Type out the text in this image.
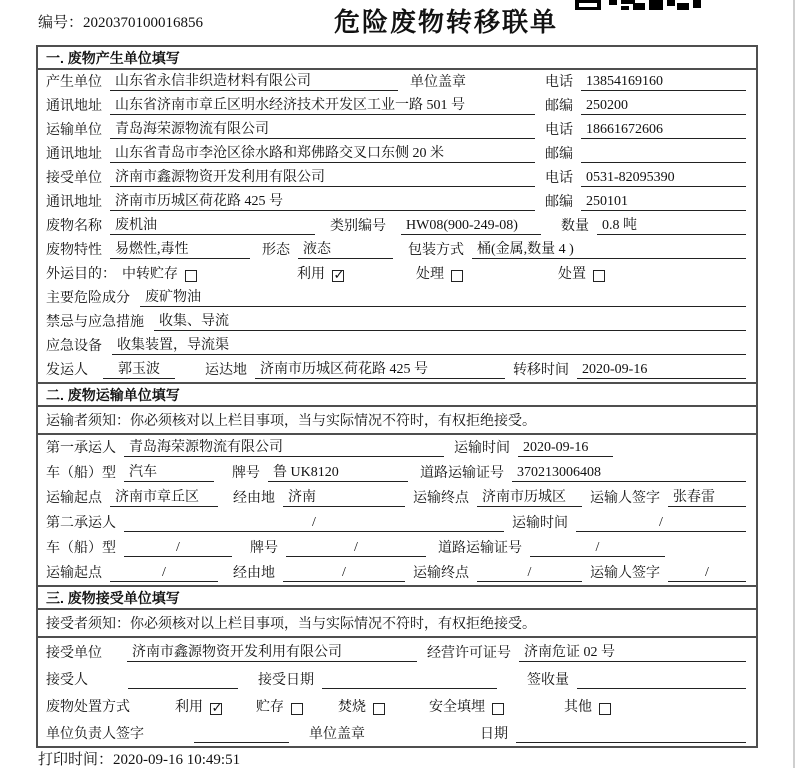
编号：2020370100016856	危险废物转移联单
一. 废物产生单位填写
产生单位 山东省永信非织造材料有限公司	单位盖章	电话 13854169160
通讯地址 山东省济南市章丘区明水经济技术开发区工业一路 501 号	邮编 250200
运输单位 青岛海荣源物流有限公司	电话 18661672606
通讯地址 山东省青岛市李沧区徐水路和郑佛路交叉口东侧 20 米	邮编
接受单位 济南市鑫源物资开发利用有限公司	电话 0531-82095390
通讯地址 济南市历城区荷花路 425 号	邮编 250101
废物名称 废机油	类别编号	HW08(900-249-08)	数量 0.8 吨
废物特性 易燃性,毒性	形态 液态	包装方式 桶(金属,数量 4 )
外运目的： 中转贮存	利用 ✓	处理	处置
主要危险成分	废矿物油
禁忌与应急措施	收集、导流
应急设备	收集装置，导流渠
发运人	郭玉波	运达地 济南市历城区荷花路 425 号	转移时间 2020-09-16
二. 废物运输单位填写
运输者须知：你必须核对以上栏目事项，当与实际情况不符时，有权拒绝接受。
第一承运人 青岛海荣源物流有限公司	运输时间 2020-09-16
车（船）型 汽车	牌号 鲁 UK8120	道路运输证号 370213006408
运输起点 济南市章丘区	经由地 济南	运输终点 济南市历城区	运输人签字 张春雷
第二承运人	/	运输时间	/
车（船）型	/	牌号	/	道路运输证号	/
运输起点	/	经由地	/	运输终点	/	运输人签字	/
三. 废物接受单位填写
接受者须知：你必须核对以上栏目事项，当与实际情况不符时，有权拒绝接受。
接受单位	济南市鑫源物资开发利用有限公司	经营许可证号 济南危证 02 号
接受人	接受日期	签收量
废物处置方式	利用 ✓	贮存	焚烧	安全填埋	其他
单位负责人签字	单位盖章	日期
打印时间：2020-09-16 10:49:51
